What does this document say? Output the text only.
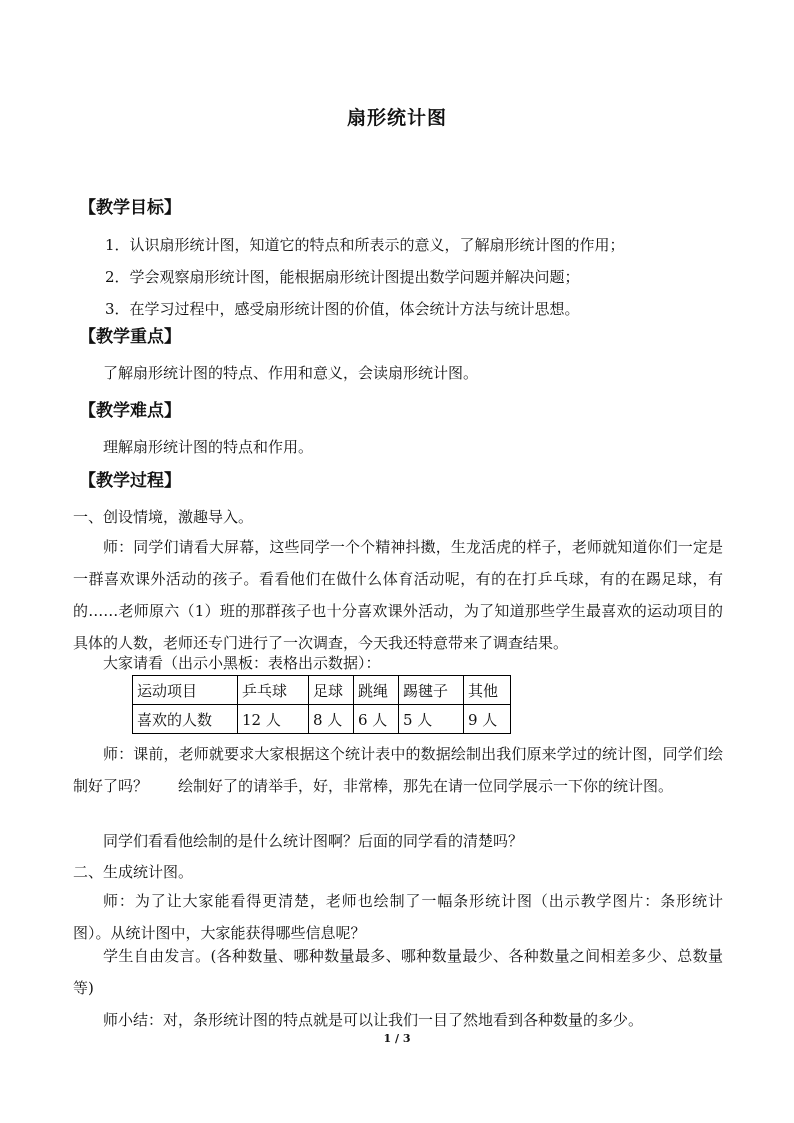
扇形统计图
【教学目标】
1．认识扇形统计图，知道它的特点和所表示的意义，了解扇形统计图的作用；
2．学会观察扇形统计图，能根据扇形统计图提出数学问题并解决问题；
3．在学习过程中，感受扇形统计图的价值，体会统计方法与统计思想。
【教学重点】
了解扇形统计图的特点、作用和意义，会读扇形统计图。
【教学难点】
理解扇形统计图的特点和作用。
【教学过程】
一、创设情境，激趣导入。
师：同学们请看大屏幕，这些同学一个个精神抖擞，生龙活虎的样子，老师就知道你们一定是一群喜欢课外活动的孩子。看看他们在做什么体育活动呢，有的在打乒乓球，有的在踢足球，有的……老师原六（1）班的那群孩子也十分喜欢课外活动，为了知道那些学生最喜欢的运动项目的具体的人数，老师还专门进行了一次调查，今天我还特意带来了调查结果。
大家请看（出示小黑板：表格出示数据）：
运动项目	乒乓球	足球	跳绳	踢毽子	其他
喜欢的人数	12 人	8 人	6 人	5 人	9 人
师：课前，老师就要求大家根据这个统计表中的数据绘制出我们原来学过的统计图，同学们绘制好了吗？　　绘制好了的请举手，好，非常棒，那先在请一位同学展示一下你的统计图。
同学们看看他绘制的是什么统计图啊？后面的同学看的清楚吗？
二、生成统计图。
师：为了让大家能看得更清楚，老师也绘制了一幅条形统计图（出示教学图片：条形统计图）。从统计图中，大家能获得哪些信息呢？
学生自由发言。(各种数量、哪种数量最多、哪种数量最少、各种数量之间相差多少、总数量等)
师小结：对，条形统计图的特点就是可以让我们一目了然地看到各种数量的多少。
1 / 3
